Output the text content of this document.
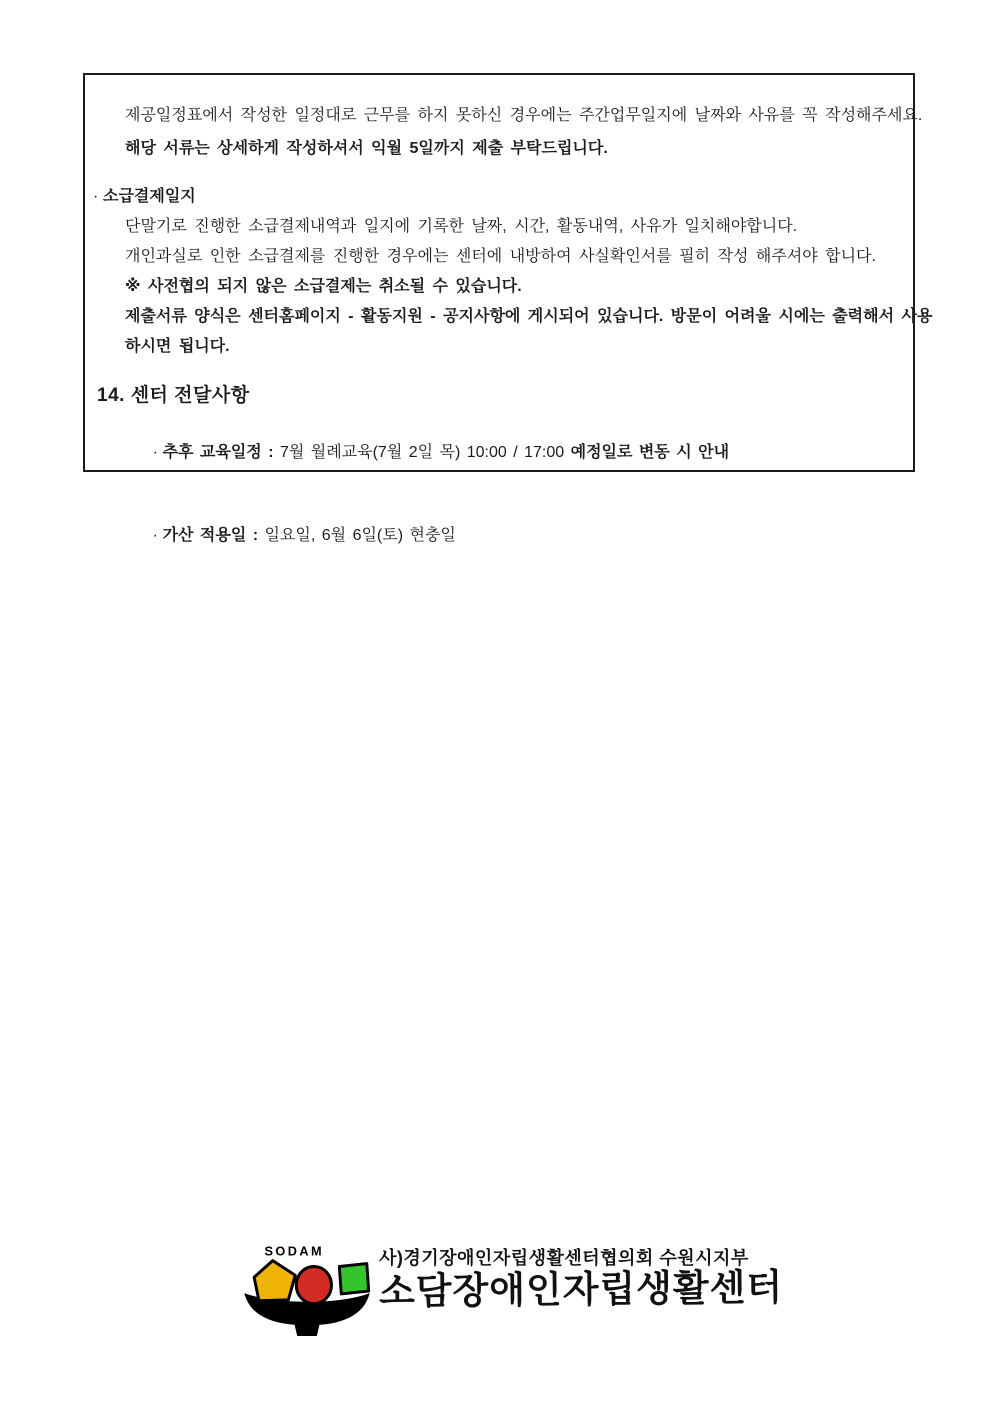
제공일정표에서 작성한 일정대로 근무를 하지 못하신 경우에는 주간업무일지에 날짜와 사유를 꼭 작성해주세요.
해당 서류는 상세하게 작성하셔서 익월 5일까지 제출 부탁드립니다.
· 소급결제일지
단말기로 진행한 소급결제내역과 일지에 기록한 날짜, 시간, 활동내역, 사유가 일치해야합니다.
개인과실로 인한 소급결제를 진행한 경우에는 센터에 내방하여 사실확인서를 필히 작성 해주셔야 합니다.
※ 사전협의 되지 않은 소급결제는 취소될 수 있습니다.
제출서류 양식은 센터홈페이지 - 활동지원 - 공지사항에 게시되어 있습니다. 방문이 어려울 시에는 출력해서 사용
하시면 됩니다.
14. 센터 전달사항

· 추후 교육일정 : 7월 월례교육(7월 2일 목) 10:00 / 17:00 예정일로 변동 시 안내

· 가산 적용일 : 일요일, 6월 6일(토) 현충일

SODAM	사)경기장애인자립생활센터협의회 수원시지부
소담장애인자립생활센터
